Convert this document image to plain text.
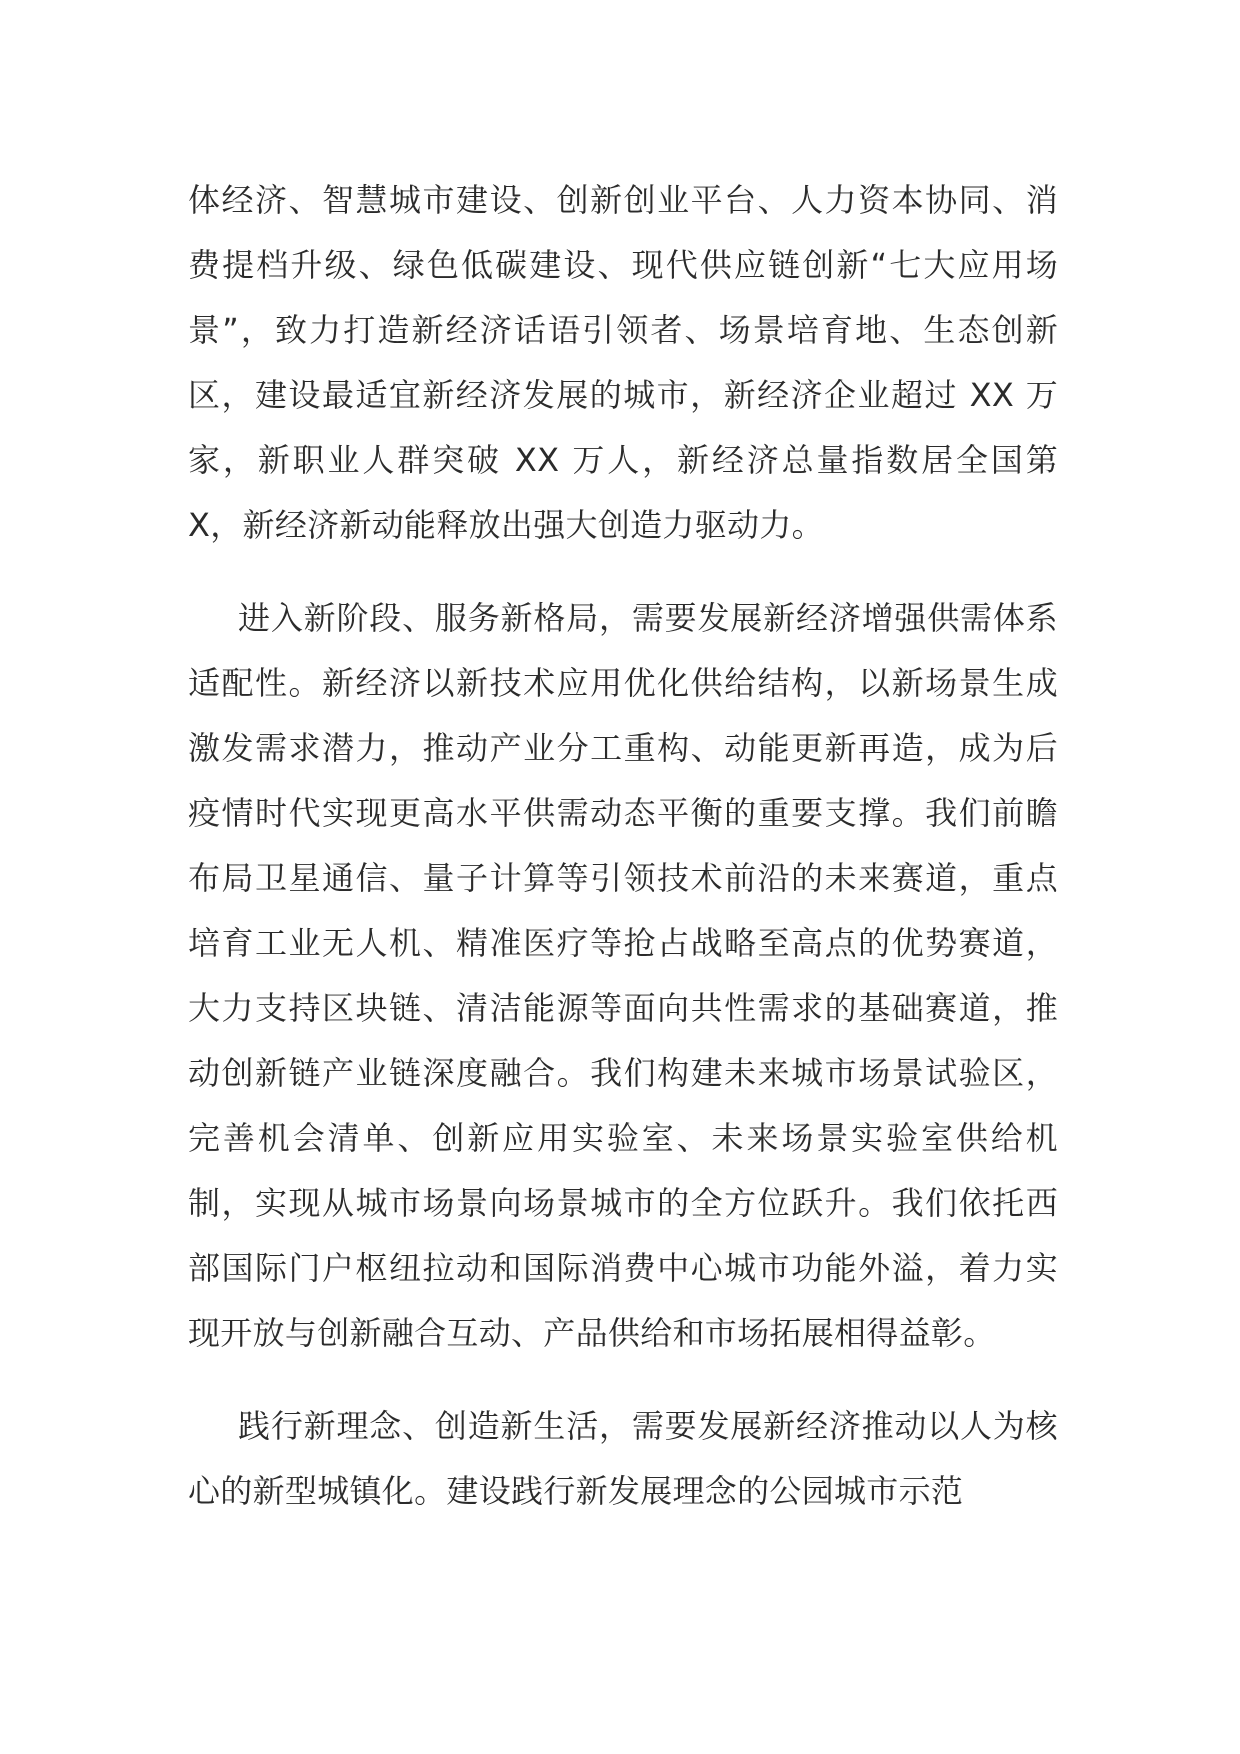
体经济、智慧城市建设、创新创业平台、人力资本协同、消费提档升级、绿色低碳建设、现代供应链创新“七大应用场景”，致力打造新经济话语引领者、场景培育地、生态创新区，建设最适宜新经济发展的城市，新经济企业超过 XX 万家，新职业人群突破 XX 万人，新经济总量指数居全国第 X，新经济新动能释放出强大创造力驱动力。

进入新阶段、服务新格局，需要发展新经济增强供需体系适配性。新经济以新技术应用优化供给结构，以新场景生成激发需求潜力，推动产业分工重构、动能更新再造，成为后疫情时代实现更高水平供需动态平衡的重要支撑。我们前瞻布局卫星通信、量子计算等引领技术前沿的未来赛道，重点培育工业无人机、精准医疗等抢占战略至高点的优势赛道，大力支持区块链、清洁能源等面向共性需求的基础赛道，推动创新链产业链深度融合。我们构建未来城市场景试验区，完善机会清单、创新应用实验室、未来场景实验室供给机制，实现从城市场景向场景城市的全方位跃升。我们依托西部国际门户枢纽拉动和国际消费中心城市功能外溢，着力实现开放与创新融合互动、产品供给和市场拓展相得益彰。

践行新理念、创造新生活，需要发展新经济推动以人为核心的新型城镇化。建设践行新发展理念的公园城市示范
